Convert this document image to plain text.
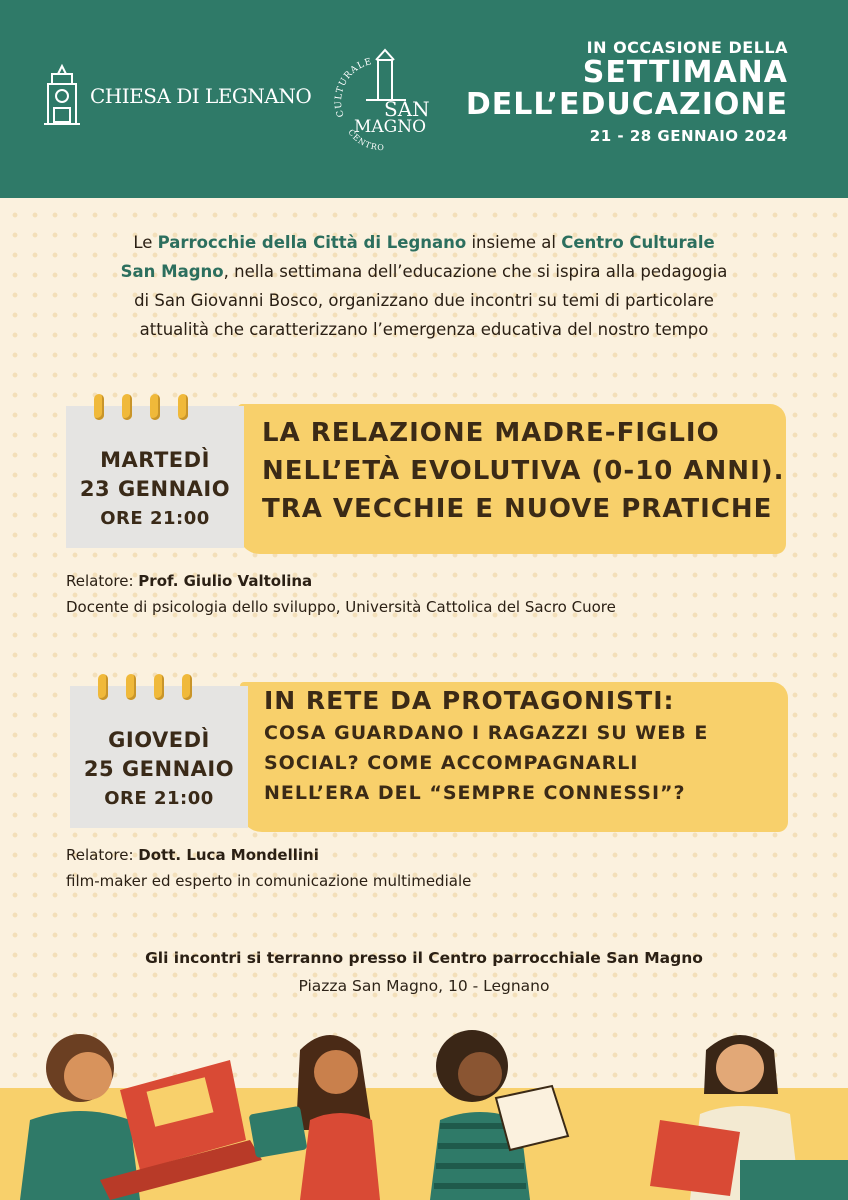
CHIESA DI LEGNANO
CULTURALE
SAN
MAGNO
CENTRO
IN OCCASIONE DELLA
SETTIMANA
DELL’EDUCAZIONE
21 - 28 GENNAIO 2024
Le Parrocchie della Città di Legnano insieme al Centro Culturale
San Magno, nella settimana dell’educazione che si ispira alla pedagogia
di San Giovanni Bosco, organizzano due incontri su temi di particolare
attualità che caratterizzano l’emergenza educativa del nostro tempo
MARTEDÌ
23 GENNAIO
ORE 21:00
LA RELAZIONE MADRE-FIGLIO
NELL’ETÀ EVOLUTIVA (0-10 ANNI).
TRA VECCHIE E NUOVE PRATICHE
Relatore: Prof. Giulio Valtolina
Docente di psicologia dello sviluppo, Università Cattolica del Sacro Cuore
GIOVEDÌ
25 GENNAIO
ORE 21:00
IN RETE DA PROTAGONISTI:
COSA GUARDANO I RAGAZZI SU WEB E
SOCIAL? COME ACCOMPAGNARLI
NELL’ERA DEL “SEMPRE CONNESSI”?
Relatore: Dott. Luca Mondellini
film-maker ed esperto in comunicazione multimediale
Gli incontri si terranno presso il Centro parrocchiale San Magno
Piazza San Magno, 10 - Legnano
